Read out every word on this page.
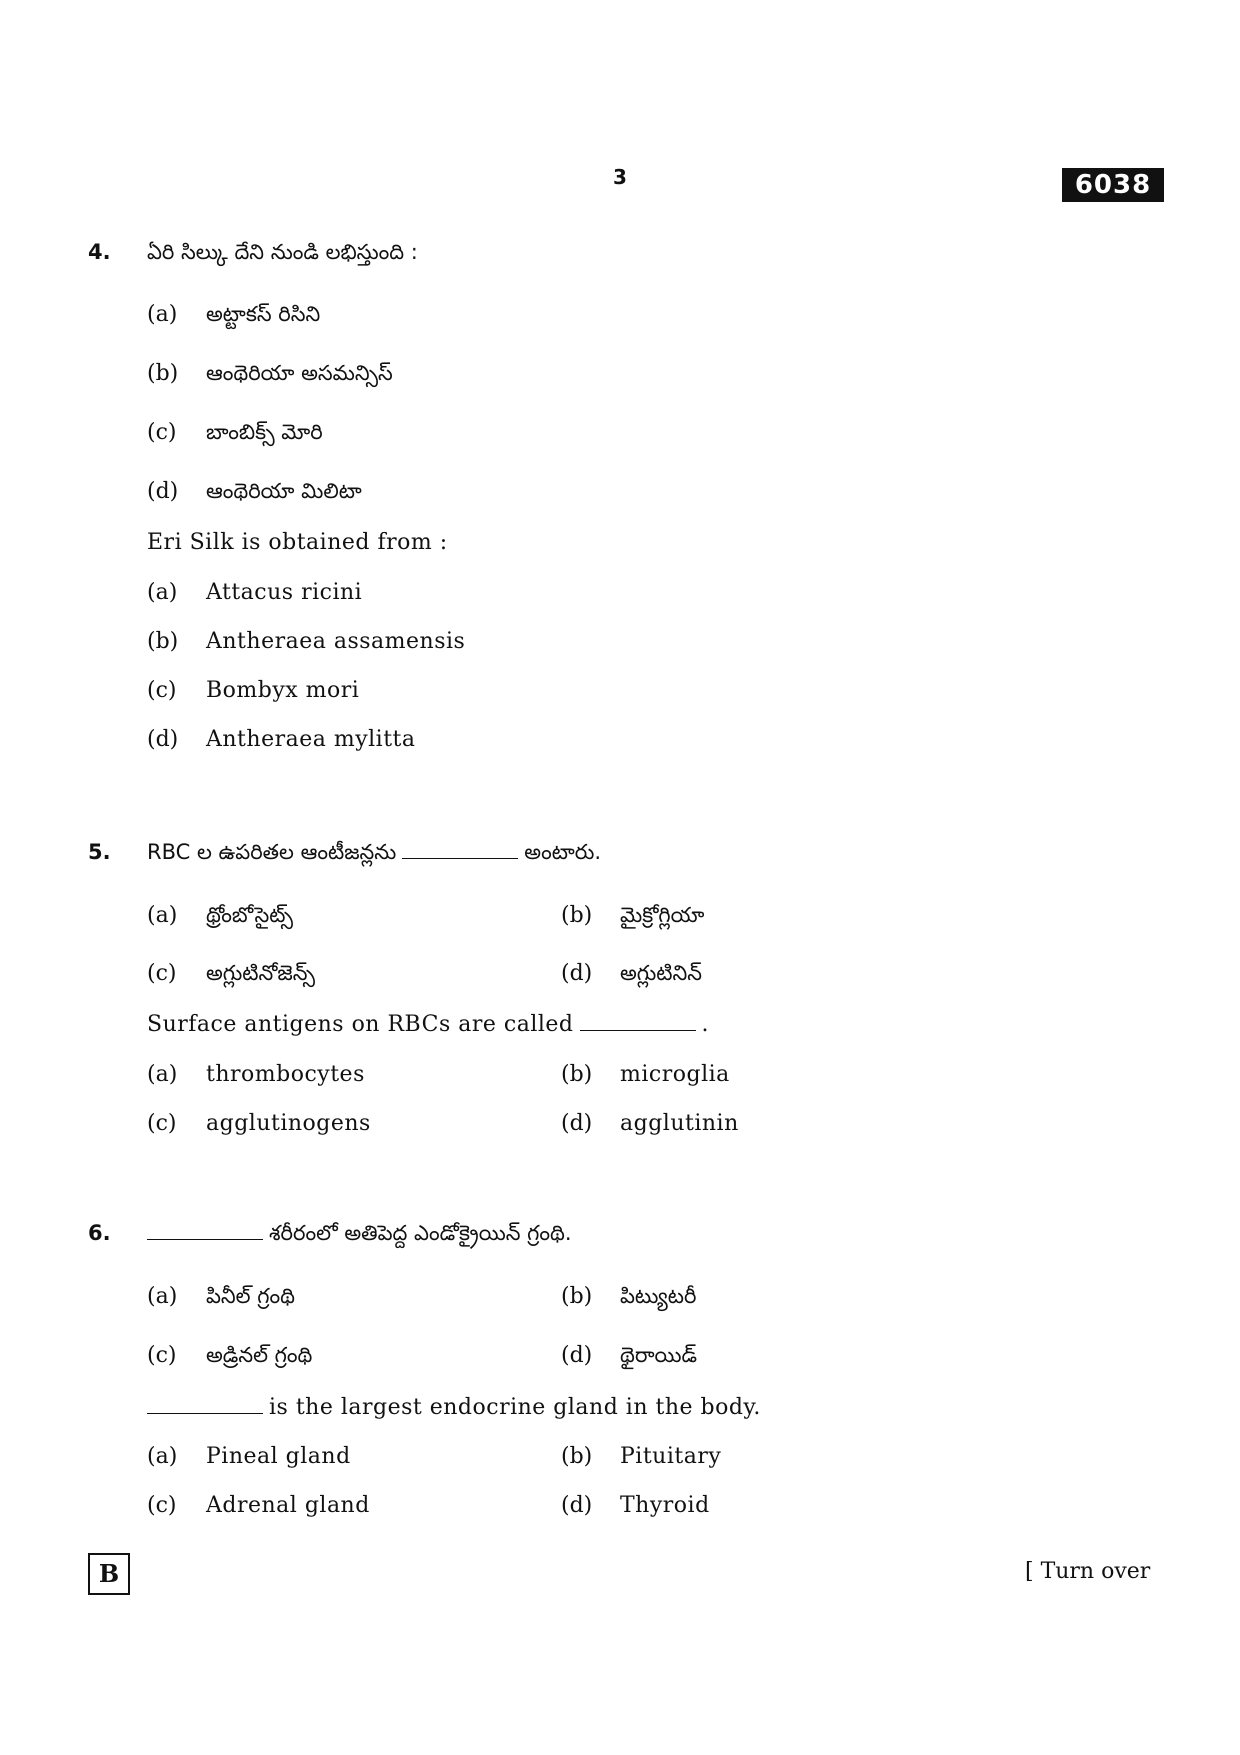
3	6038
4. ఏరి సిల్కు దేని నుండి లభిస్తుంది :
(a) అట్టాకస్ రిసిని
(b) ఆంథెరియా అసమన్సిస్
(c) బాంబిక్స్ మోరి
(d) ఆంథెరియా మిలిటా
Eri Silk is obtained from :
(a) Attacus ricini
(b) Antheraea assamensis
(c) Bombyx mori
(d) Antheraea mylitta
5. RBC ల ఉపరితల ఆంటీజన్లను	అంటారు.
(a) థ్రోంబోసైట్స్	(b) మైక్రోగ్లియా
(c) అగ్లుటినోజెన్స్	(d) అగ్లుటినిన్
Surface antigens on RBCs are called	.
(a) thrombocytes	(b) microglia
(c) agglutinogens	(d) agglutinin
6.	శరీరంలో అతిపెద్ద ఎండోక్రైయిన్ గ్రంథి.
(a) పినీల్ గ్రంథి	(b) పిట్యుటరీ
(c) అడ్రినల్ గ్రంథి	(d) థైరాయిడ్
is the largest endocrine gland in the body.
(a) Pineal gland	(b) Pituitary
(c) Adrenal gland	(d) Thyroid
B	[ Turn over
